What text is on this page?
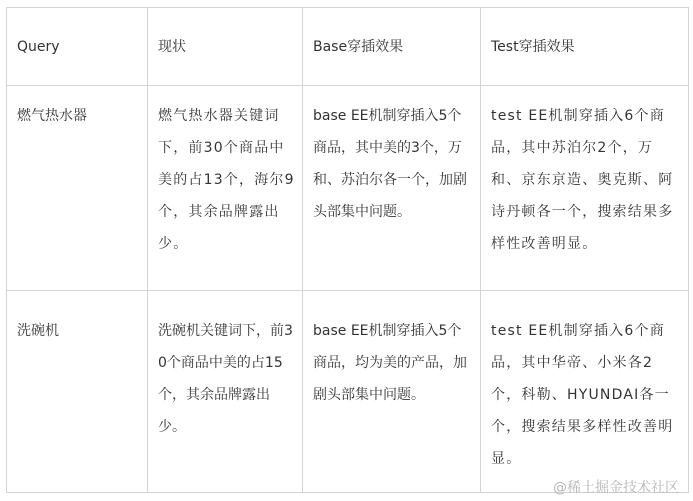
Query	现状	Base穿插效果	Test穿插效果
燃气热水器	燃气热水器关键词下，前30个商品中美的占13个，海尔9个，其余品牌露出少。	base EE机制穿插入5个商品，其中美的3个，万和、苏泊尔各一个，加剧头部集中问题。	test EE机制穿插入6个商品，其中苏泊尔2个，万和、京东京造、奥克斯、阿诗丹顿各一个，搜索结果多样性改善明显。
洗碗机	洗碗机关键词下，前30个商品中美的占15个，其余品牌露出少。	base EE机制穿插入5个商品，均为美的产品，加剧头部集中问题。	test EE机制穿插入6个商品，其中华帝、小米各2个，科勒、HYUNDAI各一个，搜索结果多样性改善明显。
@稀土掘金技术社区
